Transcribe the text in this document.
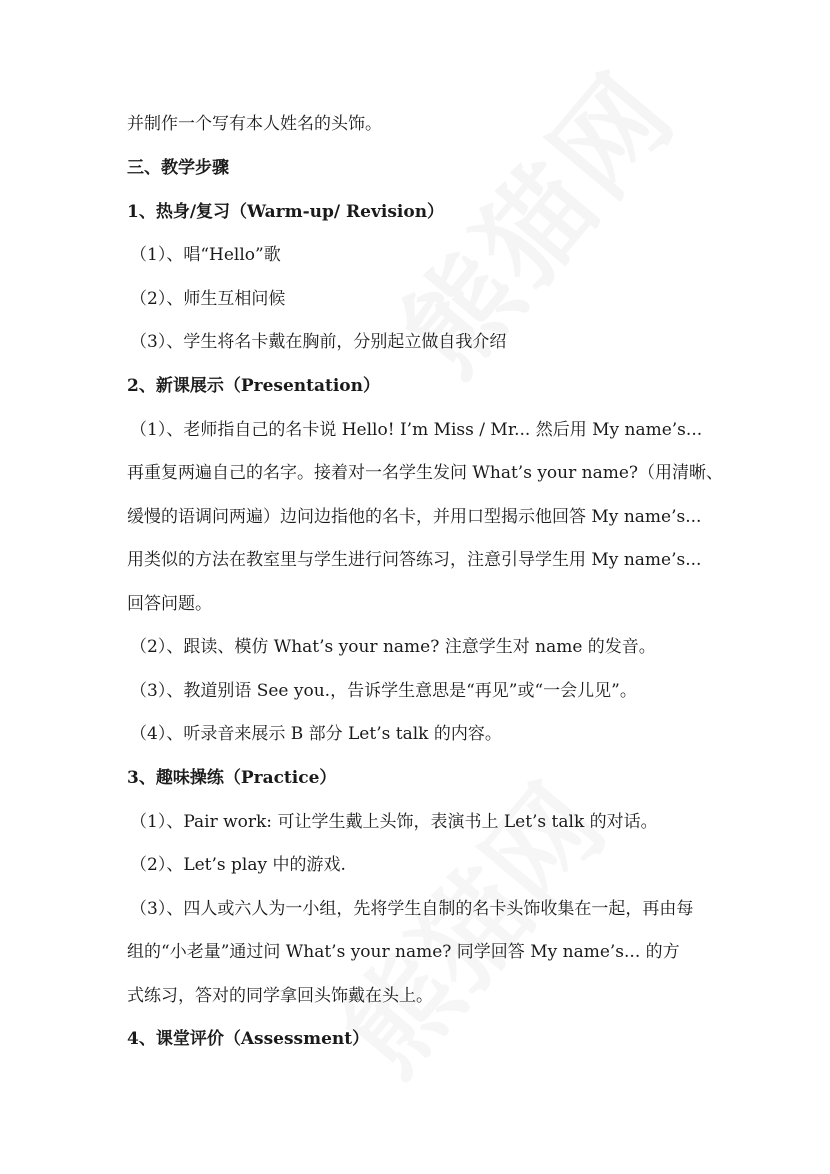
并制作一个写有本人姓名的头饰。
三、教学步骤
1、热身/复习（Warm-up/ Revision）
（1）、唱“Hello”歌
（2）、师生互相问候
（3）、学生将名卡戴在胸前，分别起立做自我介绍
2、新课展示（Presentation）
（1）、老师指自己的名卡说 Hello! I’m Miss / Mr... 然后用 My name’s...
再重复两遍自己的名字。接着对一名学生发问 What’s your name?（用清晰、
缓慢的语调问两遍）边问边指他的名卡，并用口型揭示他回答 My name’s...
用类似的方法在教室里与学生进行问答练习，注意引导学生用 My name’s...
回答问题。
（2）、跟读、模仿 What’s your name? 注意学生对 name 的发音。
（3）、教道别语 See you.，告诉学生意思是“再见”或“一会儿见”。
（4）、听录音来展示 B 部分 Let’s talk 的内容。
3、趣味操练（Practice）
（1）、Pair work: 可让学生戴上头饰，表演书上 Let’s talk 的对话。
（2）、Let’s play 中的游戏.
（3）、四人或六人为一小组，先将学生自制的名卡头饰收集在一起，再由每
组的“小老量”通过问 What’s your name? 同学回答 My name’s... 的方
式练习，答对的同学拿回头饰戴在头上。
4、课堂评价（Assessment）
